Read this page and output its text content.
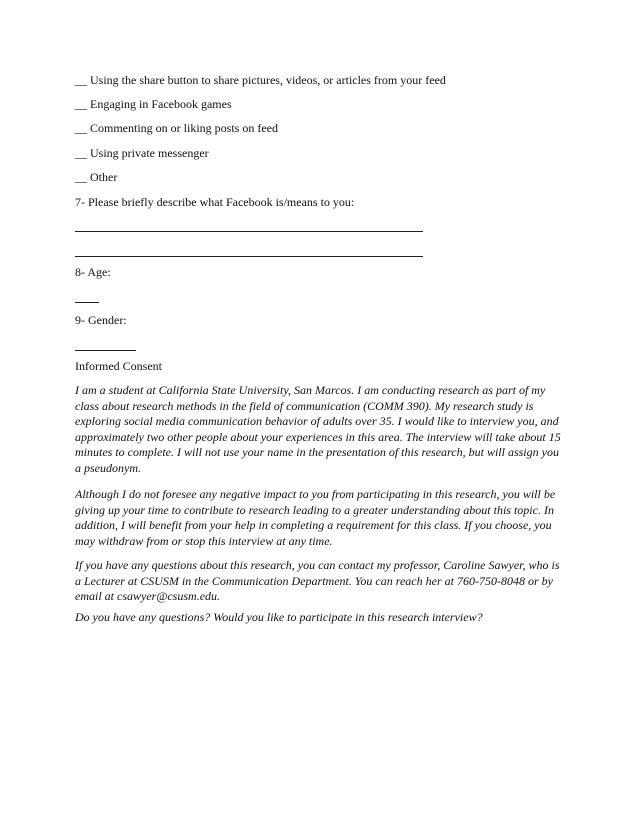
__ Using the share button to share pictures, videos, or articles from your feed
__ Engaging in Facebook games
__ Commenting on or liking posts on feed
__ Using private messenger
__ Other
7- Please briefly describe what Facebook is/means to you:
8- Age:
9- Gender:
Informed Consent
I am a student at California State University, San Marcos. I am conducting research as part of my class about research methods in the field of communication (COMM 390). My research study is exploring social media communication behavior of adults over 35. I would like to interview you, and approximately two other people about your experiences in this area. The interview will take about 15 minutes to complete. I will not use your name in the presentation of this research, but will assign you a pseudonym.
Although I do not foresee any negative impact to you from participating in this research, you will be giving up your time to contribute to research leading to a greater understanding about this topic. In addition, I will benefit from your help in completing a requirement for this class. If you choose, you may withdraw from or stop this interview at any time.
If you have any questions about this research, you can contact my professor, Caroline Sawyer, who is a Lecturer at CSUSM in the Communication Department. You can reach her at 760-750-8048 or by email at csawyer@csusm.edu.
Do you have any questions? Would you like to participate in this research interview?
